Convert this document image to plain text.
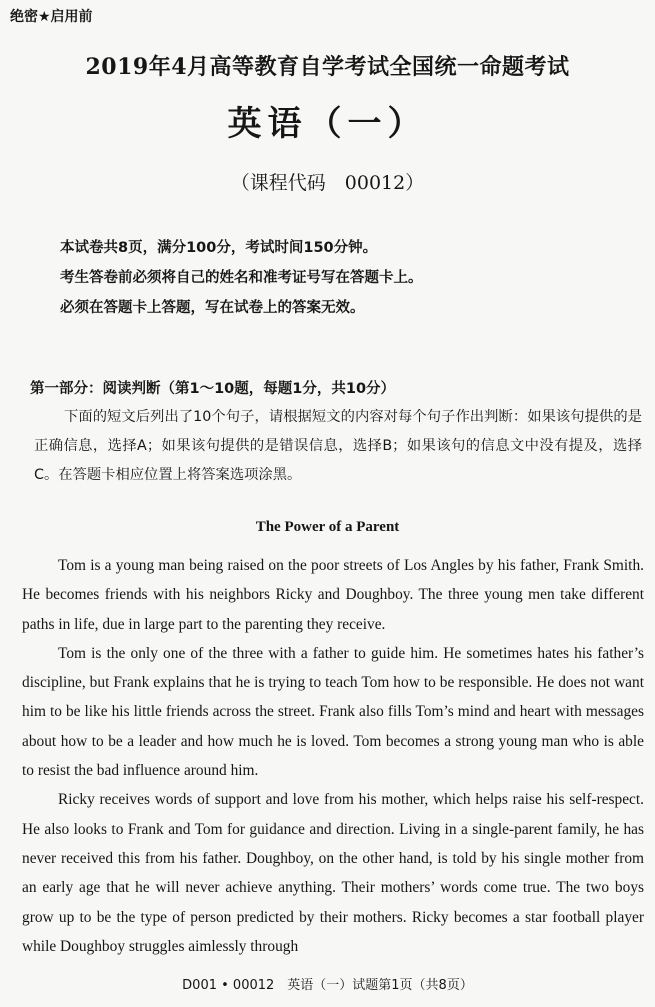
绝密★启用前
2019年4月高等教育自学考试全国统一命题考试
英语（一）
（课程代码　00012）
本试卷共8页，满分100分，考试时间150分钟。
考生答卷前必须将自己的姓名和准考证号写在答题卡上。
必须在答题卡上答题，写在试卷上的答案无效。
第一部分：阅读判断（第1～10题，每题1分，共10分）
下面的短文后列出了10个句子，请根据短文的内容对每个句子作出判断：如果该句提供的是正确信息，选择A；如果该句提供的是错误信息，选择B；如果该句的信息文中没有提及，选择C。在答题卡相应位置上将答案选项涂黑。
The Power of a Parent

Tom is a young man being raised on the poor streets of Los Angles by his father, Frank Smith. He becomes friends with his neighbors Ricky and Doughboy. The three young men take different paths in life, due in large part to the parenting they receive.

Tom is the only one of the three with a father to guide him. He sometimes hates his father’s discipline, but Frank explains that he is trying to teach Tom how to be responsible. He does not want him to be like his little friends across the street. Frank also fills Tom’s mind and heart with messages about how to be a leader and how much he is loved. Tom becomes a strong young man who is able to resist the bad influence around him.

Ricky receives words of support and love from his mother, which helps raise his self-respect. He also looks to Frank and Tom for guidance and direction. Living in a single-parent family, he has never received this from his father. Doughboy, on the other hand, is told by his single mother from an early age that he will never achieve anything. Their mothers’ words come true. The two boys grow up to be the type of person predicted by their mothers. Ricky becomes a star football player while Doughboy struggles aimlessly through

D001 • 00012　英语（一）试题第1页（共8页）
